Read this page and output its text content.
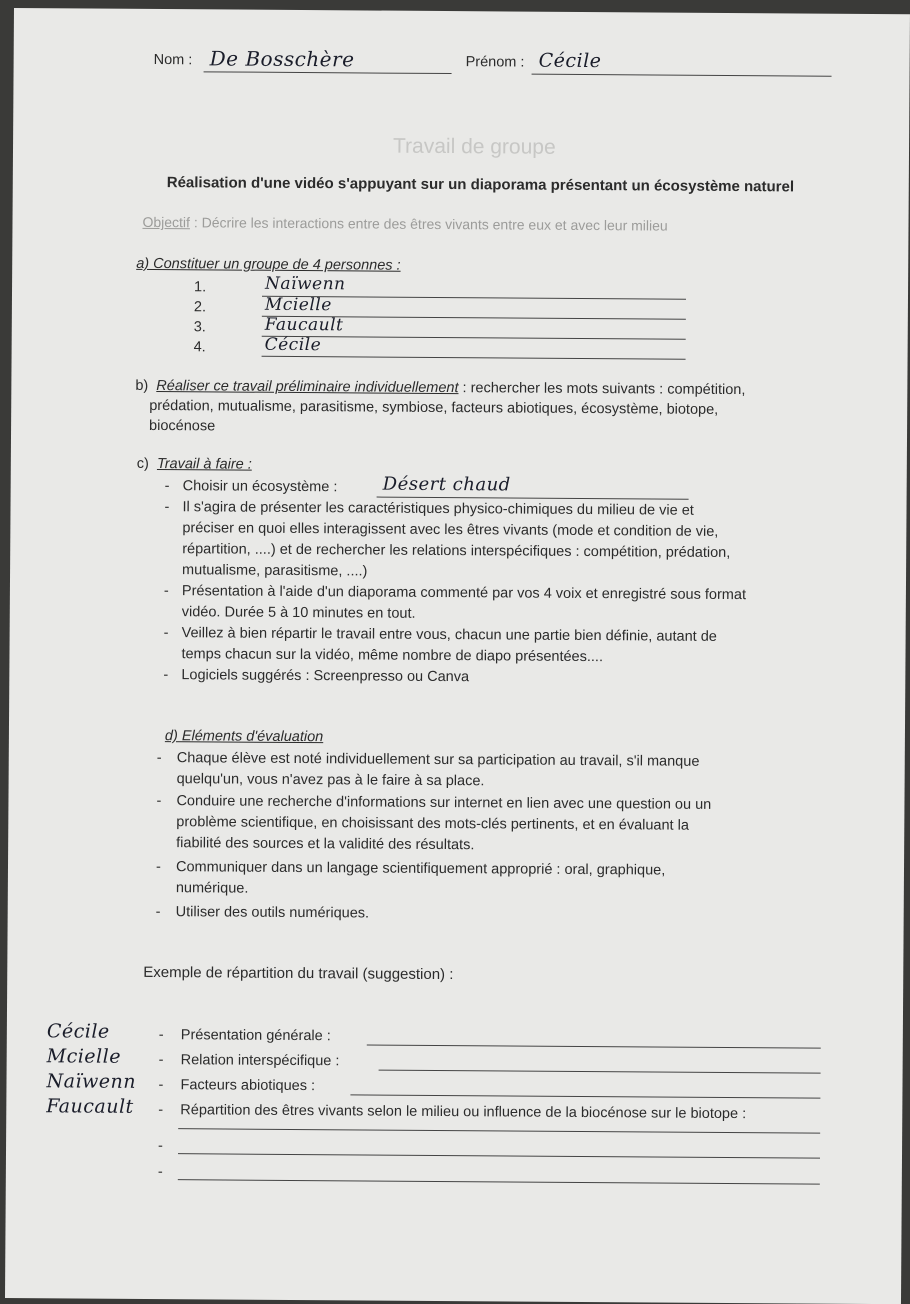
Nom : De Bosschère	Prénom : Cécile
Travail de groupe
Réalisation d'une vidéo s'appuyant sur un diaporama présentant un écosystème naturel
Objectif : Décrire les interactions entre des êtres vivants entre eux et avec leur milieu
a) Constituer un groupe de 4 personnes :
1.	Naïwenn
2.	Mcielle
3.	Faucault
4.	Cécile
b) Réaliser ce travail préliminaire individuellement : rechercher les mots suivants : compétition,
prédation, mutualisme, parasitisme, symbiose, facteurs abiotiques, écosystème, biotope,
biocénose
c) Travail à faire :
- Choisir un écosystème :	Désert chaud
- Il s'agira de présenter les caractéristiques physico-chimiques du milieu de vie et
préciser en quoi elles interagissent avec les êtres vivants (mode et condition de vie,
répartition, ....) et de rechercher les relations interspécifiques : compétition, prédation,
mutualisme, parasitisme, ....)
- Présentation à l'aide d'un diaporama commenté par vos 4 voix et enregistré sous format
vidéo. Durée 5 à 10 minutes en tout.
- Veillez à bien répartir le travail entre vous, chacun une partie bien définie, autant de
temps chacun sur la vidéo, même nombre de diapo présentées....
- Logiciels suggérés : Screenpresso ou Canva
d) Eléments d'évaluation
- Chaque élève est noté individuellement sur sa participation au travail, s'il manque
quelqu'un, vous n'avez pas à le faire à sa place.
- Conduire une recherche d'informations sur internet en lien avec une question ou un
problème scientifique, en choisissant des mots-clés pertinents, et en évaluant la
fiabilité des sources et la validité des résultats.
- Communiquer dans un langage scientifiquement approprié : oral, graphique,
numérique.
- Utiliser des outils numériques.
Exemple de répartition du travail (suggestion) :
Cécile	- Présentation générale :
Mcielle	- Relation interspécifique :
Naïwenn - Facteurs abiotiques :
Faucault - Répartition des êtres vivants selon le milieu ou influence de la biocénose sur le biotope :
-
-
